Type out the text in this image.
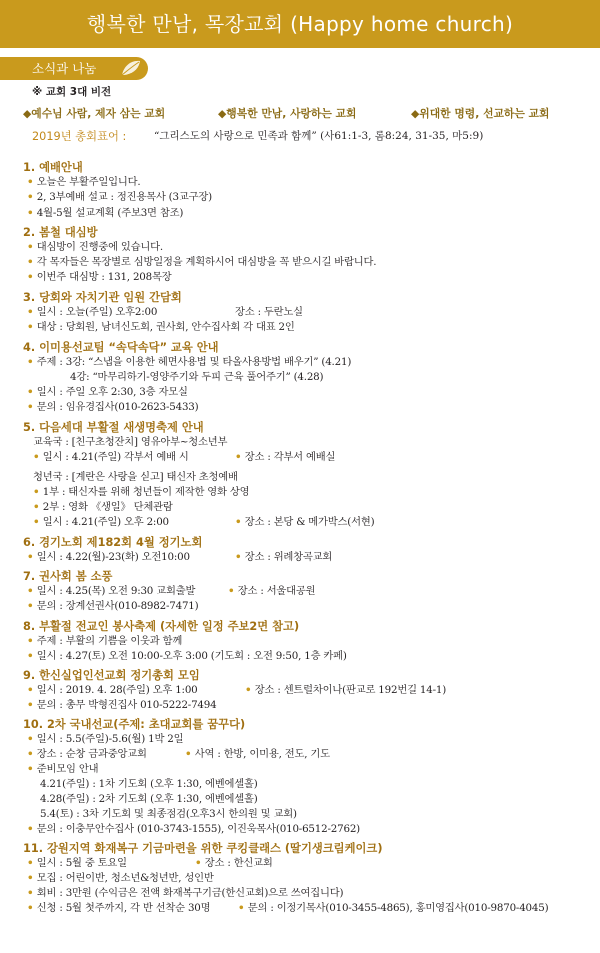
행복한 만남, 목장교회 (Happy home church)
소식과 나눔
※ 교회 3대 비전
◆예수님 사람, 제자 삼는 교회	◆행복한 만남, 사랑하는 교회	◆위대한 명령, 선교하는 교회
2019년 총회표어 :	“그리스도의 사랑으로 민족과 함께” (사61:1-3, 롬8:24, 31-35, 마5:9)
1. 예배안내
• 오늘은 부활주일입니다.
• 2, 3부예배 설교 : 정진용목사 (3교구장)
• 4월-5월 설교계획 (주보3면 참조)
2. 봄철 대심방
• 대심방이 진행중에 있습니다.
• 각 목자들은 목장별로 심방일정을 계획하시어 대심방을 꼭 받으시길 바랍니다.
• 이번주 대심방 : 131, 208목장
3. 당회와 자치기관 임원 간담회
• 일시 : 오늘(주일) 오후2:00	장소 : 두란노실
• 대상 : 당회원, 남녀신도회, 권사회, 안수집사회 각 대표 2인
4. 이미용선교팀 “속닥속닥” 교육 안내
• 주제 : 3강: “스냅을 이용한 헤면사용법 및 타올사용방법 배우기” (4.21)
4강: “마무리하기-영양주기와 두피 근육 풀어주기” (4.28)
• 일시 : 주일 오후 2:30, 3층 자모실
• 문의 : 임유경집사(010-2623-5433)
5. 다음세대 부활절 새생명축제 안내
교육국 : [친구초청잔치] 영유아부~청소년부
• 일시 : 4.21(주일) 각부서 예배 시	• 장소 : 각부서 예배실
청년국 : [계란은 사랑을 싣고] 태신자 초청예배
• 1부 : 태신자를 위해 청년들이 제작한 영화 상영
• 2부 : 영화 《생일》 단체관람
• 일시 : 4.21(주일) 오후 2:00	• 장소 : 본당 & 메가박스(서현)
6. 경기노회 제182회 4월 정기노회
• 일시 : 4.22(월)-23(화) 오전10:00	• 장소 : 위례창곡교회
7. 권사회 봄 소풍
• 일시 : 4.25(목) 오전 9:30 교회출발	• 장소 : 서울대공원
• 문의 : 장계선권사(010-8982-7471)
8. 부활절 전교인 봉사축제 (자세한 일정 주보2면 참고)
• 주제 : 부활의 기쁨을 이웃과 함께
• 일시 : 4.27(토) 오전 10:00-오후 3:00 (기도회 : 오전 9:50, 1층 카페)
9. 한신실업인선교회 정기총회 모임
• 일시 : 2019. 4. 28(주일) 오후 1:00	• 장소 : 센트럴차이나(판교로 192번길 14-1)
• 문의 : 총무 박형진집사 010-5222-7494
10. 2차 국내선교(주제: 초대교회를 꿈꾸다)
• 일시 : 5.5(주일)-5.6(월) 1박 2일
• 장소 : 순창 금과중앙교회	• 사역 : 한방, 이미용, 전도, 기도
• 준비모임 안내
4.21(주일) : 1차 기도회 (오후 1:30, 에벤에셀홀)
4.28(주일) : 2차 기도회 (오후 1:30, 에벤에셀홀)
5.4(토) : 3차 기도회 및 최종점검(오후3시 한의원 및 교회)
• 문의 : 이충무안수집사 (010-3743-1555), 이진욱목사(010-6512-2762)
11. 강원지역 화재복구 기금마련을 위한 쿠킹클래스 (딸기생크림케이크)
• 일시 : 5월 중 토요일	• 장소 : 한신교회
• 모집 : 어린이반, 청소년&청년반, 성인반
• 회비 : 3만원 (수익금은 전액 화재복구기금(한신교회)으로 쓰여집니다)
• 신청 : 5월 첫주까지, 각 반 선착순 30명	• 문의 : 이정기목사(010-3455-4865), 홍미영집사(010-9870-4045)
